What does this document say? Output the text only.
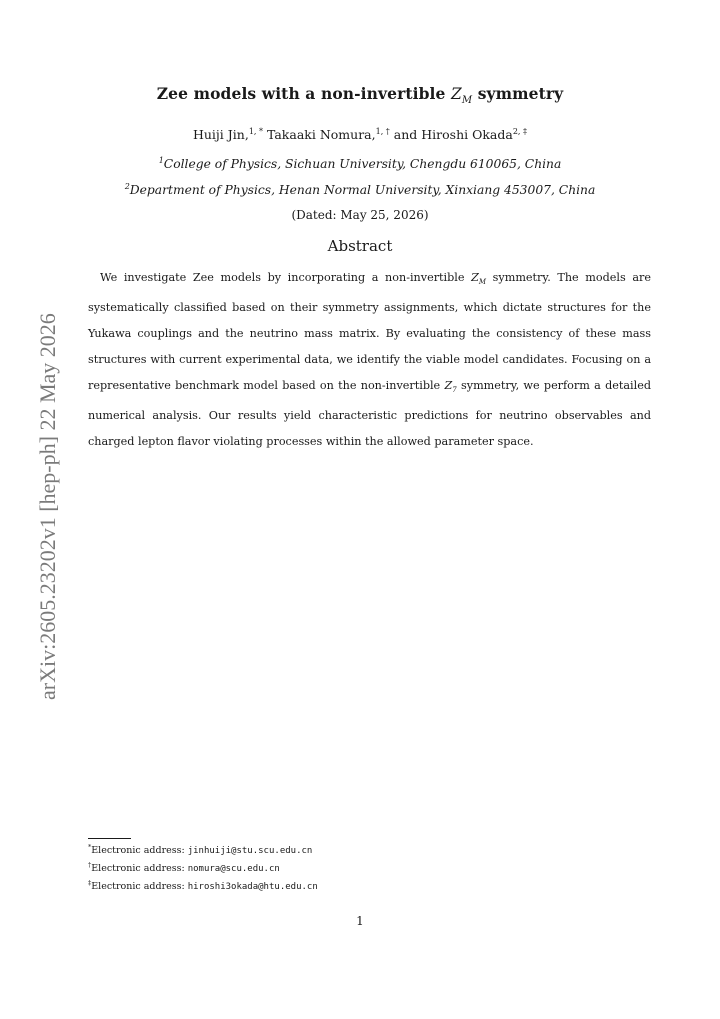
arXiv:2605.23202v1 [hep-ph] 22 May 2026
Zee models with a non-invertible $Z_M$ symmetry
Huiji Jin,$^{1, *}$ Takaaki Nomura,$^{1, \dagger}$ and Hiroshi Okada$^{2, \ddagger}$
$^1$College of Physics, Sichuan University, Chengdu 610065, China
$^2$Department of Physics, Henan Normal University, Xinxiang 453007, China
(Dated: May 25, 2026)
Abstract

We investigate Zee models by incorporating a non-invertible $Z_M$ symmetry. The models are systematically classified based on their symmetry assignments, which dictate structures for the Yukawa couplings and the neutrino mass matrix. By evaluating the consistency of these mass structures with current experimental data, we identify the viable model candidates. Focusing on a representative benchmark model based on the non-invertible $Z_7$ symmetry, we perform a detailed numerical analysis. Our results yield characteristic predictions for neutrino observables and charged lepton flavor violating processes within the allowed parameter space.

*Electronic address: jinhuiji@stu.scu.edu.cn
†Electronic address: nomura@scu.edu.cn
‡Electronic address: hiroshi3okada@htu.edu.cn
1
